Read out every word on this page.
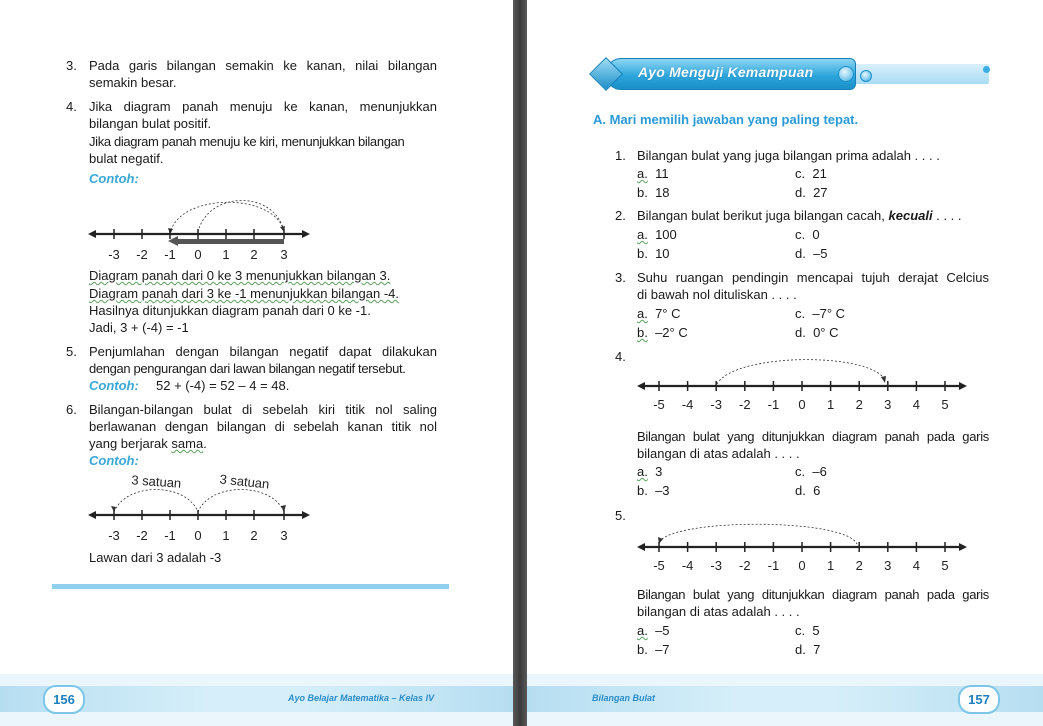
3. Pada garis bilangan semakin ke kanan, nilai bilangan
semakin besar.
4. Jika diagram panah menuju ke kanan, menunjukkan
bilangan bulat positif.
Jika diagram panah menuju ke kiri, menunjukkan bilangan
bulat negatif.
Contoh:
-3 -2 -1 0 1 2 3
Diagram panah dari 0 ke 3 menunjukkan bilangan 3.
Diagram panah dari 3 ke -1 menunjukkan bilangan -4.
Hasilnya ditunjukkan diagram panah dari 0 ke -1.
Jadi, 3 + (-4) = -1
5. Penjumlahan dengan bilangan negatif dapat dilakukan
dengan pengurangan dari lawan bilangan negatif tersebut.
Contoh: 52 + (-4) = 52 – 4 = 48.
6. Bilangan-bilangan bulat di sebelah kiri titik nol saling
berlawanan dengan bilangan di sebelah kanan titik nol
yang berjarak sama.
Contoh:
3 satuan	3 satuan
-3 -2 -1 0 1 2 3
Lawan dari 3 adalah -3
156	Ayo Belajar Matematika – Kelas IV
Ayo Menguji Kemampuan
A. Mari memilih jawaban yang paling tepat.
1. Bilangan bulat yang juga bilangan prima adalah . . . .
a. 11	c. 21
b. 18	d. 27
2. Bilangan bulat berikut juga bilangan cacah, kecuali . . . .
a. 100	c. 0
b. 10	d. –5
3. Suhu ruangan pendingin mencapai tujuh derajat Celcius
di bawah nol dituliskan . . . .
a. 7° C	c. –7° C
b. –2° C	d. 0° C
4.
-5 -4 -3 -2 -1 0 1 2 3 4 5
Bilangan bulat yang ditunjukkan diagram panah pada garis
bilangan di atas adalah . . . .
a. 3	c. –6
b. –3	d. 6
5.
-5 -4 -3 -2 -1 0 1 2 3 4 5
Bilangan bulat yang ditunjukkan diagram panah pada garis
bilangan di atas adalah . . . .
a. –5	c. 5
b. –7	d. 7
Bilangan Bulat	157
